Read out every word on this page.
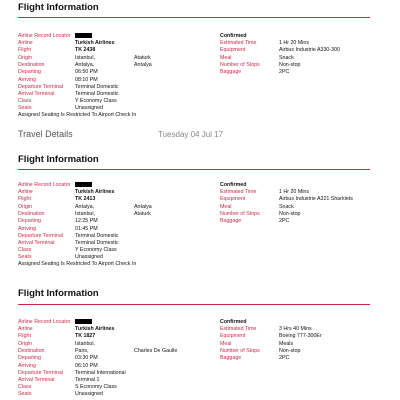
Flight Information
Airline Record Locator	Confirmed
Airline	Turkish Airlines	Estimated Time	1 Hr 20 Mins
Flight	TK 2438	Equipment	Airbus Industrie A330-300
Origin	Istanbul,	Ataturk	Meal	Snack
Destination	Antalya,	Antalya	Number of Stops	Non-stop
Departing	06:50 PM	Baggage	2PC
Arriving	08:10 PM
Departure Terminal Terminal Domestic
Arrival Terminal	Terminal Domestic
Class	Y Economy Class
Seats	Unassigned
Assigned Seating Is Restricted To Airport Check In
Travel Details	Tuesday 04 Jul 17
Flight Information
Airline Record Locator	Confirmed
Airline	Turkish Airlines	Estimated Time	1 Hr 20 Mins
Flight	TK 2413	Equipment	Airbus Industrie A321 Sharklets
Origin	Antalya,	Antalya	Meal	Snack
Destination	Istanbul,	Ataturk	Number of Stops	Non-stop
Departing	12:25 PM	Baggage	2PC
Arriving	01:45 PM
Departure Terminal Terminal Domestic
Arrival Terminal	Terminal Domestic
Class	Y Economy Class
Seats	Unassigned
Assigned Seating Is Restricted To Airport Check In
Flight Information
Airline Record Locator	Confirmed
Airline	Turkish Airlines	Estimated Time	3 Hrs 40 Mins
Flight	TK 1827	Equipment	Boeing 777-300Er
Origin	Istanbul,	Meal	Meals
Destination	Paris,	Charles De Gaulle	Number of Stops	Non-stop
Departing	03:30 PM	Baggage	2PC
Arriving	06:10 PM
Departure Terminal Terminal International
Arrival Terminal	Terminal 1
Class	S Economy Class
Seats	Unassigned
